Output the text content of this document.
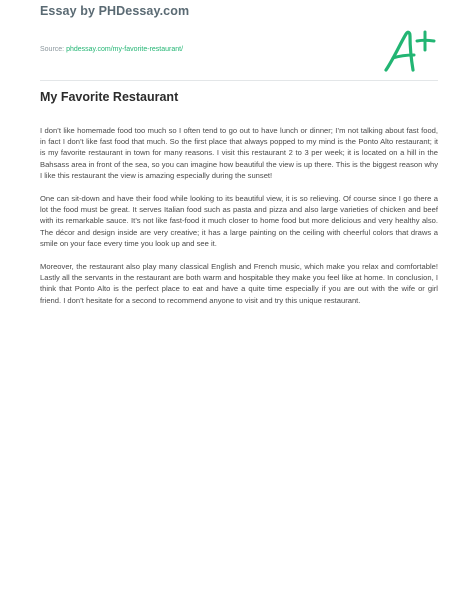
Essay by PHDessay.com
Source: phdessay.com/my-favorite-restaurant/
My Favorite Restaurant

I don’t like homemade food too much so I often tend to go out to have lunch or dinner; I’m not talking about fast food, in fact I don’t like fast food that much. So the first place that always popped to my mind is the Ponto Alto restaurant; it is my favorite restaurant in town for many reasons. I visit this restaurant 2 to 3 per week; it is located on a hill in the Bahsass area in front of the sea, so you can imagine how beautiful the view is up there. This is the biggest reason why I like this restaurant the view is amazing especially during the sunset!

One can sit-down and have their food while looking to its beautiful view, it is so relieving. Of course since I go there a lot the food must be great. It serves Italian food such as pasta and pizza and also large varieties of chicken and beef with its remarkable sauce. It’s not like fast-food it much closer to home food but more delicious and very healthy also. The décor and design inside are very creative; it has a large painting on the ceiling with cheerful colors that draws a smile on your face every time you look up and see it.

Moreover, the restaurant also play many classical English and French music, which make you relax and comfortable! Lastly all the servants in the restaurant are both warm and hospitable they make you feel like at home. In conclusion, I think that Ponto Alto is the perfect place to eat and have a quite time especially if you are out with the wife or girl friend. I don’t hesitate for a second to recommend anyone to visit and try this unique restaurant.
